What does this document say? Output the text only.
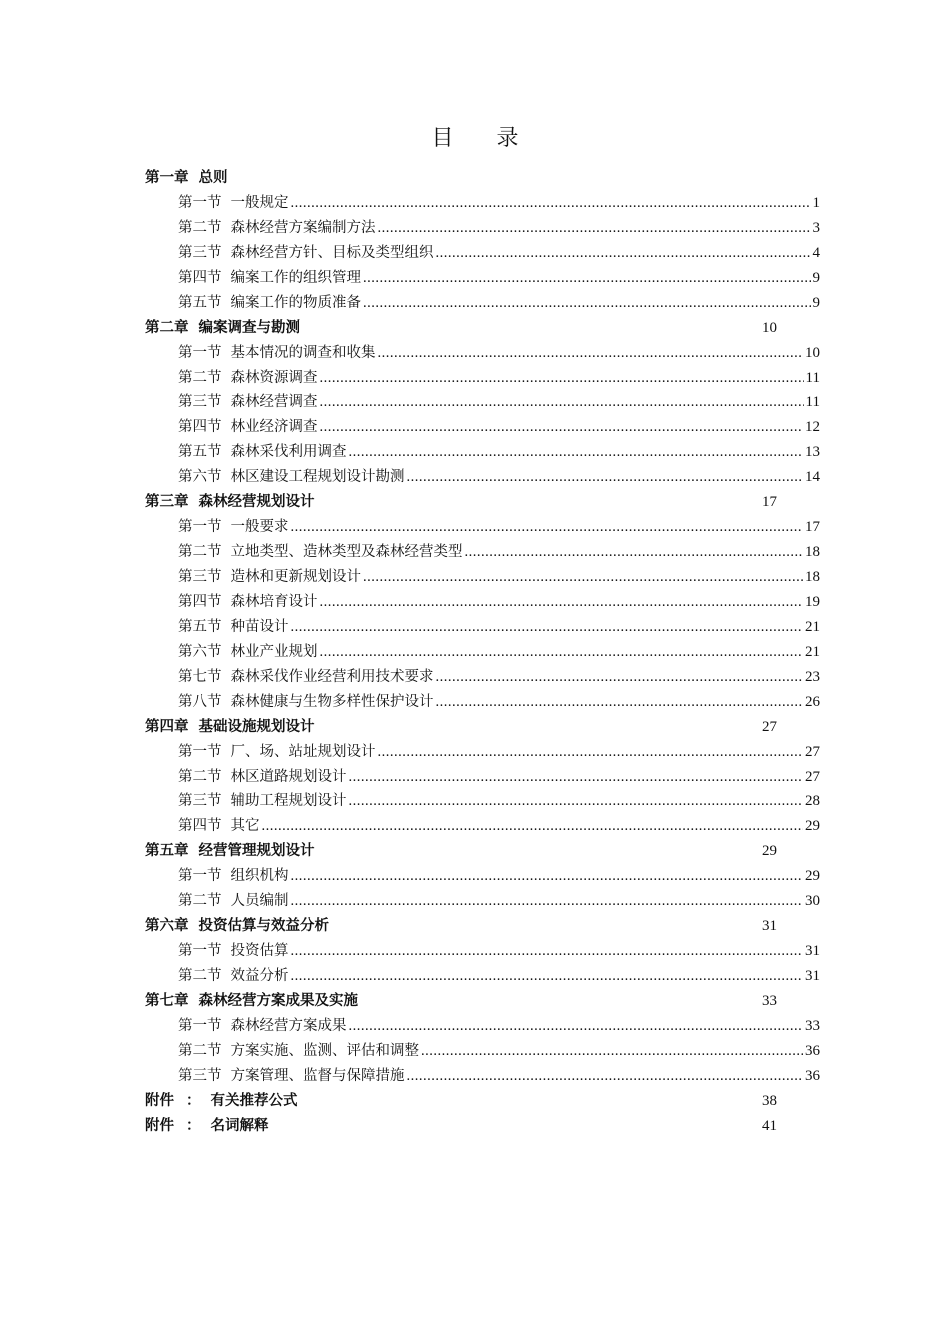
目 录
第一章 总则
第一节 一般规定 .....	1
第二节 森林经营方案编制方法 .....	3
第三节 森林经营方针、目标及类型组织 .....	4
第四节 编案工作的组织管理 .....	9
第五节 编案工作的物质准备 .....	9
第二章 编案调查与勘测	10
第一节 基本情况的调查和收集 .....	10
第二节 森林资源调查 .....	11
第三节 森林经营调查 .....	11
第四节 林业经济调查 .....	12
第五节 森林采伐利用调查 .....	13
第六节 林区建设工程规划设计勘测 .....	14
第三章 森林经营规划设计	17
第一节 一般要求 .....	17
第二节 立地类型、造林类型及森林经营类型 .....	18
第三节 造林和更新规划设计 .....	18
第四节 森林培育设计 .....	19
第五节 种苗设计 .....	21
第六节 林业产业规划 .....	21
第七节 森林采伐作业经营利用技术要求 .....	23
第八节 森林健康与生物多样性保护设计 .....	26
第四章 基础设施规划设计	27
第一节 厂、场、站址规划设计 .....	27
第二节 林区道路规划设计 .....	27
第三节 辅助工程规划设计 .....	28
第四节 其它 .....	29
第五章 经营管理规划设计	29
第一节 组织机构 .....	29
第二节 人员编制 .....	30
第六章 投资估算与效益分析	31
第一节 投资估算 .....	31
第二节 效益分析 .....	31
第七章 森林经营方案成果及实施	33
第一节 森林经营方案成果 .....	33
第二节 方案实施、监测、评估和调整 .....	36
第三节 方案管理、监督与保障措施 .....	36
附件 ： 有关推荐公式	38
附件 ： 名词解释	41
